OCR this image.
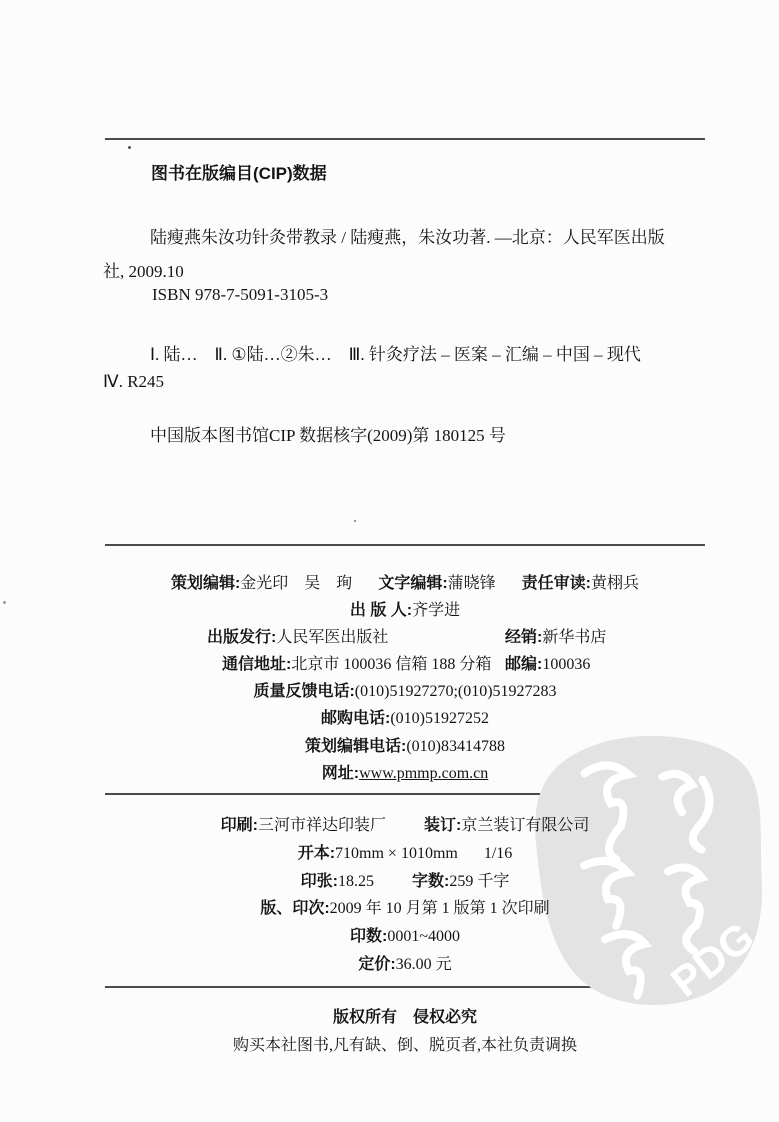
PDG
图书在版编目(CIP)数据
陆瘦燕朱汝功针灸带教录 / 陆瘦燕，朱汝功著. —北京：人民军医出版
社, 2009.10
ISBN 978-7-5091-3105-3
Ⅰ. 陆…　Ⅱ. ①陆…②朱…　Ⅲ. 针灸疗法 – 医案 – 汇编 – 中国 – 现代
Ⅳ. R245
中国版本图书馆CIP 数据核字(2009)第 180125 号
策划编辑:金光印　吴　珣 文字编辑:蒲晓锋 责任审读:黄栩兵
出 版 人:齐学进
出版发行:人民军医出版社	经销:新华书店
通信地址:北京市 100036 信箱 188 分箱 邮编:100036
质量反馈电话:(010)51927270;(010)51927283
邮购电话:(010)51927252
策划编辑电话:(010)83414788
网址:www.pmmp.com.cn
印刷:三河市祥达印装厂 装订:京兰装订有限公司
开本:710mm × 1010mm 1/16
印张:18.25 字数:259 千字
版、印次:2009 年 10 月第 1 版第 1 次印刷
印数:0001~4000
定价:36.00 元
版权所有　侵权必究
购买本社图书,凡有缺、倒、脱页者,本社负责调换
